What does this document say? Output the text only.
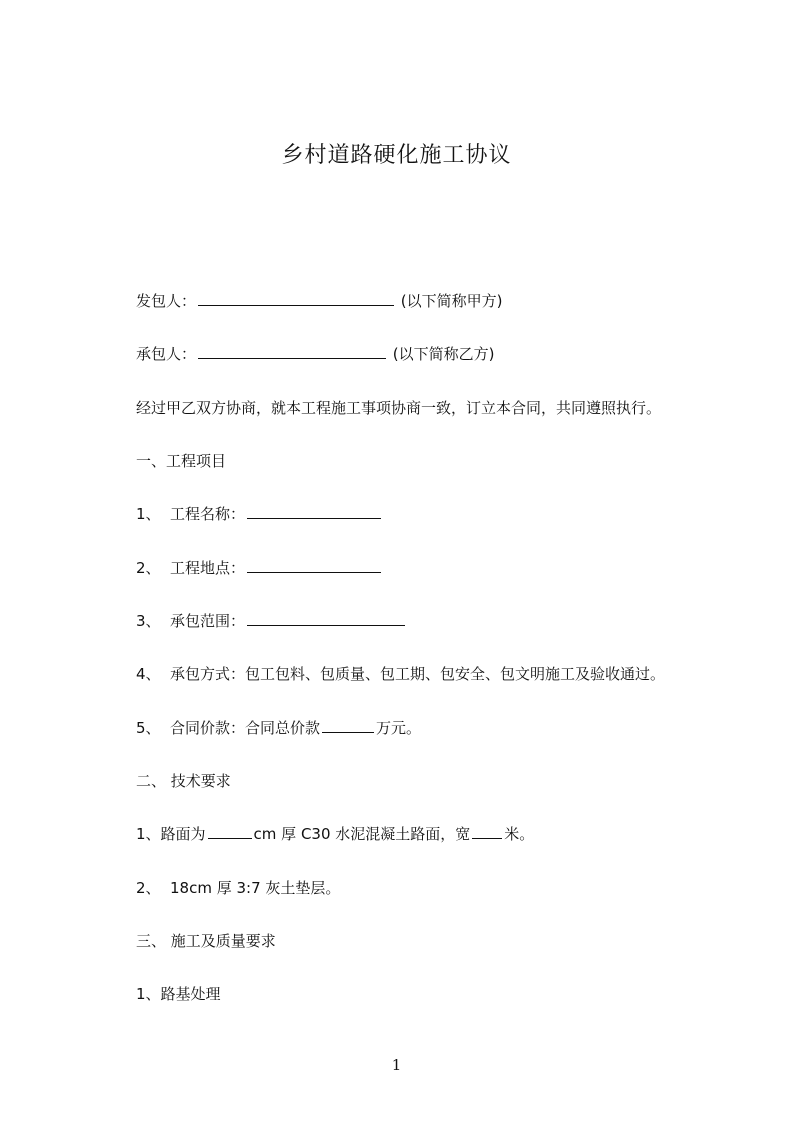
乡村道路硬化施工协议
发包人：	(以下简称甲方)
承包人：	(以下简称乙方)
经过甲乙双方协商，就本工程施工事项协商一致，订立本合同，共同遵照执行。
一、工程项目
1、 工程名称：
2、 工程地点：
3、 承包范围：
4、 承包方式：包工包料、包质量、包工期、包安全、包文明施工及验收通过。
5、 合同价款：合同总价款	万元。
二、 技术要求
1、路面为	cm 厚 C30 水泥混凝土路面，宽 米。
2、 18cm 厚 3:7 灰土垫层。
三、 施工及质量要求
1、路基处理
1
